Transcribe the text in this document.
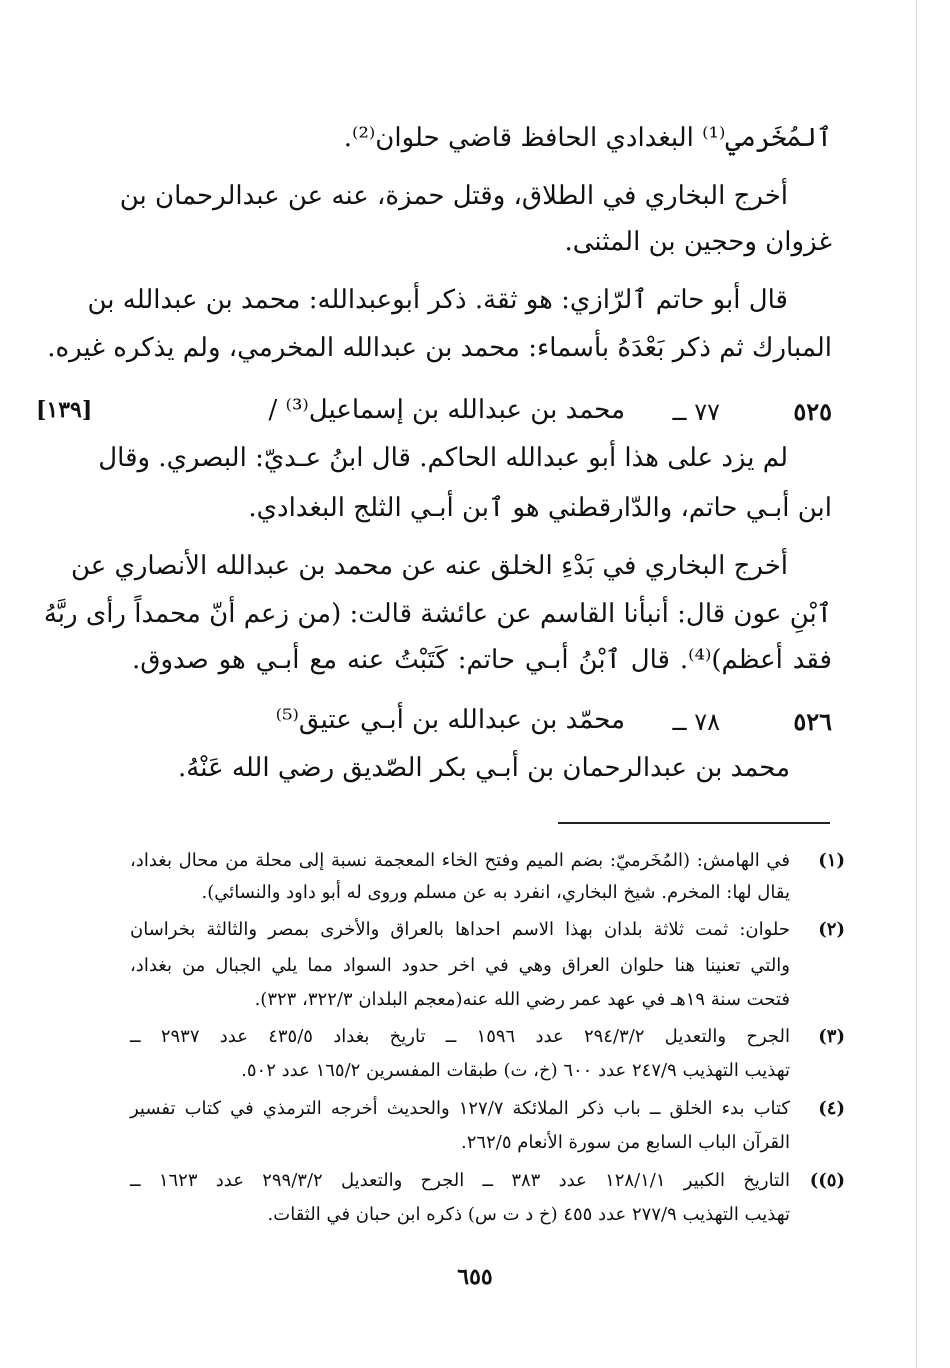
ٱلمُخَرمي⁽¹⁾ البغدادي الحافظ قاضي حلوان⁽²⁾.
أخرج البخاري في الطلاق، وقتل حمزة، عنه عن عبدالرحمان بن
غزوان وحجين بن المثنى.
قال أبو حاتم ٱلرّازي: هو ثقة. ذكر أبوعبدالله: محمد بن عبدالله بن
المبارك ثم ذكر بَعْدَهُ بأسماء: محمد بن عبدالله المخرمي، ولم يذكره غيره.
٥٢٥
٧٧ ــ
محمد بن عبدالله بن إسماعيل⁽³⁾ /
[١٣٩]
لم يزد على هذا أبو عبدالله الحاكم. قال ابنُ عـديّ: البصري. وقال
ابن أبـي حاتم، والدّارقطني هو ٱبن أبـي الثلج البغدادي.
أخرج البخاري في بَدْءِ الخلق عنه عن محمد بن عبدالله الأنصاري عن
ٱبْنِ عون قال: أنبأنا القاسم عن عائشة قالت: (من زعم أنّ محمداً رأى ربَّهُ
فقد أعظم)⁽⁴⁾. قال ٱبْنُ أبـي حاتم: كَتَبْتُ عنه مع أبـي هو صدوق.
٥٢٦
٧٨ ــ
محمّد بن عبدالله بن أبـي عتيق⁽⁵⁾
محمد بن عبدالرحمان بن أبـي بكر الصّديق رضي الله عَنْهُ.
(١)
في الهامش: (المُخَرميّ: بضم الميم وفتح الخاء المعجمة نسبة إلى محلة من محال بغداد،
يقال لها: المخرم. شيخ البخاري، انفرد به عن مسلم وروى له أبو داود والنسائي).
(٢)
حلوان: ثمت ثلاثة بلدان بهذا الاسم احداها بالعراق والأخرى بمصر والثالثة بخراسان
والتي تعنينا هنا حلوان العراق وهي في اخر حدود السواد مما يلي الجبال من بغداد،
فتحت سنة ١٩هـ في عهد عمر رضي الله عنه(معجم البلدان ٣٢٢/٣، ٣٢٣).
(٣)
الجرح والتعديل ٢٩٤/٣/٢ عدد ١٥٩٦ ــ تاريخ بغداد ٤٣٥/٥ عدد ٢٩٣٧ ــ
تهذيب التهذيب ٢٤٧/٩ عدد ٦٠٠ (خ، ت) طبقات المفسرين ١٦٥/٢ عدد ٥٠٢.
(٤)
كتاب بدء الخلق ــ باب ذكر الملائكة ١٢٧/٧ والحديث أخرجه الترمذي في كتاب تفسير
القرآن الباب السابع من سورة الأنعام ٢٦٢/٥.
(٥))
التاريخ الكبير ١٢٨/١/١ عدد ٣٨٣ ــ الجرح والتعديل ٢٩٩/٣/٢ عدد ١٦٢٣ ــ
تهذيب التهذيب ٢٧٧/٩ عدد ٤٥٥ (خ د ت س) ذكره ابن حبان في الثقات.
٦٥٥
